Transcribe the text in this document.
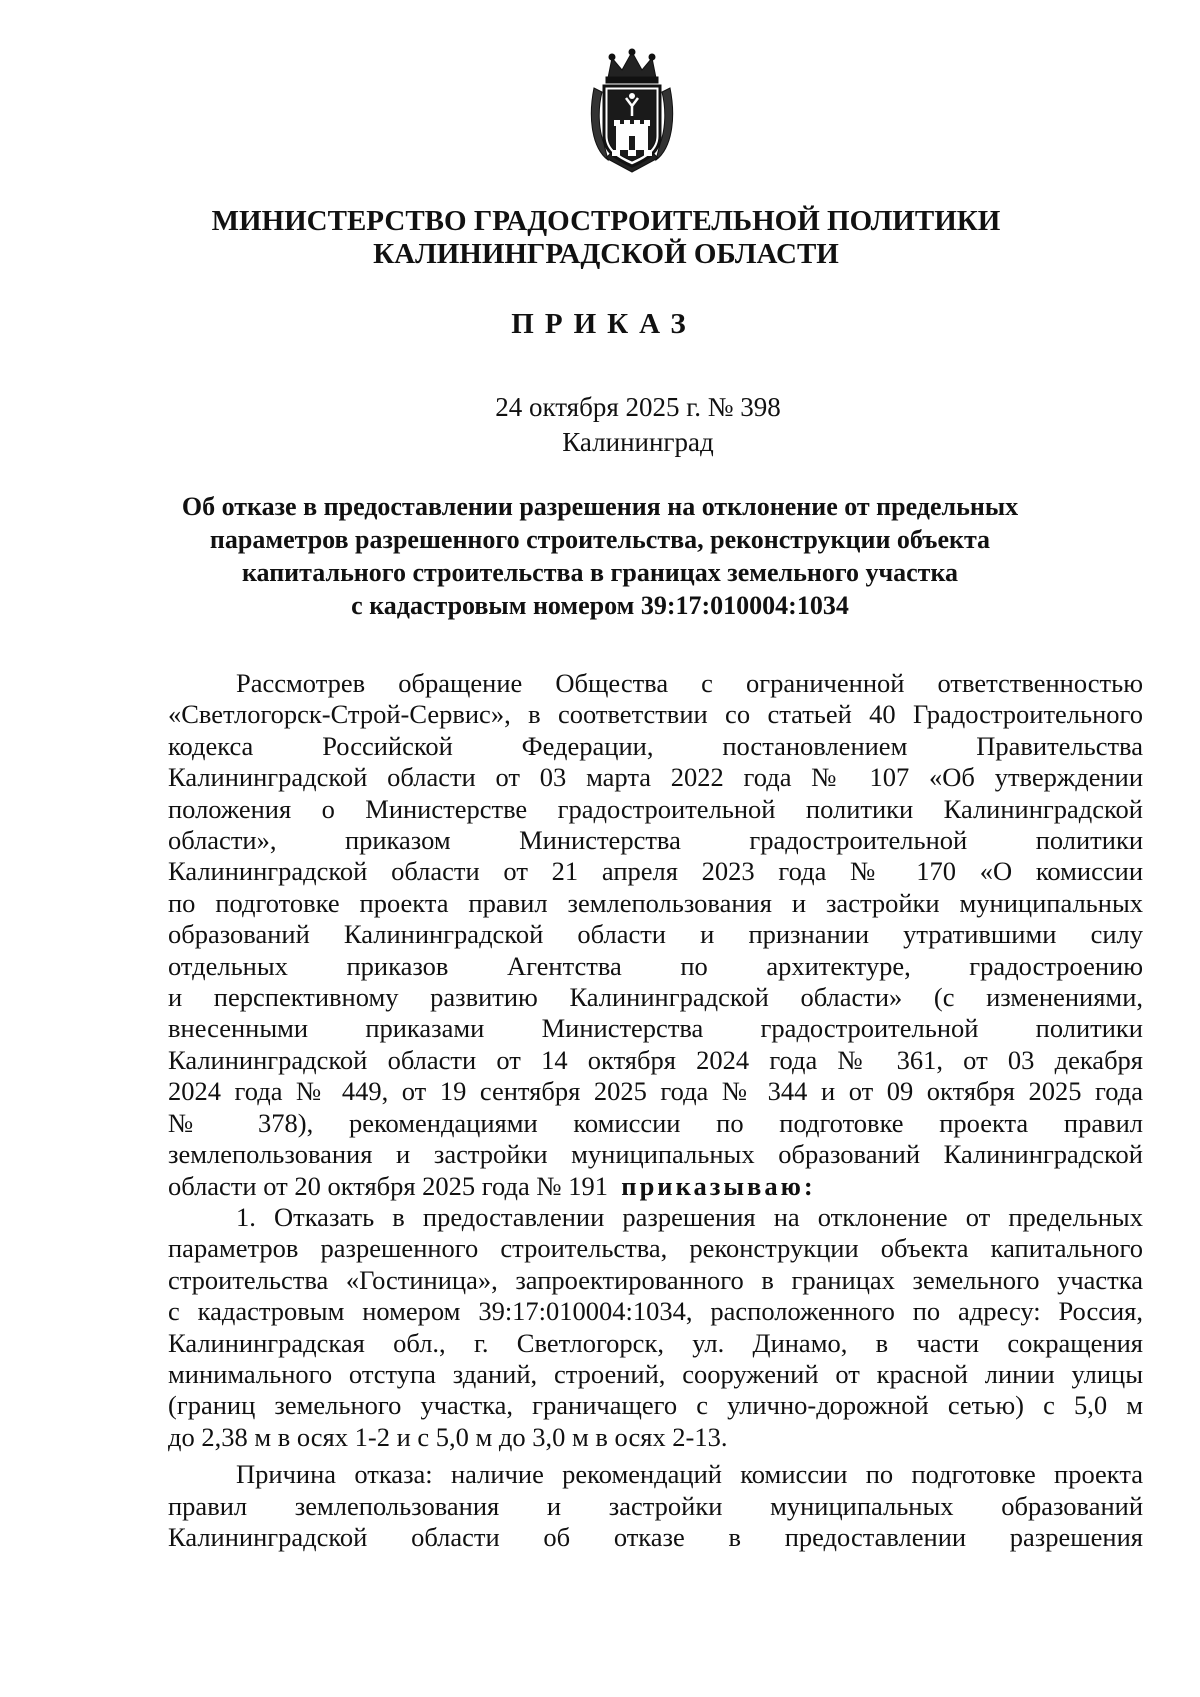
МИНИСТЕРСТВО ГРАДОСТРОИТЕЛЬНОЙ ПОЛИТИКИ
КАЛИНИНГРАДСКОЙ ОБЛАСТИ
ПРИКАЗ
24 октября 2025 г. № 398
Калининград
Об отказе в предоставлении разрешения на отклонение от предельных
параметров разрешенного строительства, реконструкции объекта
капитального строительства в границах земельного участка
с кадастровым номером 39:17:010004:1034
Рассмотрев обращение Общества с ограниченной ответственностью
«Светлогорск-Строй-Сервис», в соответствии со статьей 40 Градостроительного
кодекса Российской Федерации, постановлением Правительства
Калининградской области от 03 марта 2022 года № 107 «Об утверждении
положения о Министерстве градостроительной политики Калининградской
области», приказом Министерства градостроительной политики
Калининградской области от 21 апреля 2023 года № 170 «О комиссии
по подготовке проекта правил землепользования и застройки муниципальных
образований Калининградской области и признании утратившими силу
отдельных приказов Агентства по архитектуре, градостроению
и перспективному развитию Калининградской области» (с изменениями,
внесенными приказами Министерства градостроительной политики
Калининградской области от 14 октября 2024 года № 361, от 03 декабря
2024 года № 449, от 19 сентября 2025 года № 344 и от 09 октября 2025 года
№ 378), рекомендациями комиссии по подготовке проекта правил
землепользования и застройки муниципальных образований Калининградской
области от 20 октября 2025 года № 191 приказываю:
1. Отказать в предоставлении разрешения на отклонение от предельных
параметров разрешенного строительства, реконструкции объекта капитального
строительства «Гостиница», запроектированного в границах земельного участка
с кадастровым номером 39:17:010004:1034, расположенного по адресу: Россия,
Калининградская обл., г. Светлогорск, ул. Динамо, в части сокращения
минимального отступа зданий, строений, сооружений от красной линии улицы
(границ земельного участка, граничащего с улично-дорожной сетью) с 5,0 м
до 2,38 м в осях 1-2 и с 5,0 м до 3,0 м в осях 2-13.
Причина отказа: наличие рекомендаций комиссии по подготовке проекта
правил землепользования и застройки муниципальных образований
Калининградской области об отказе в предоставлении разрешения
